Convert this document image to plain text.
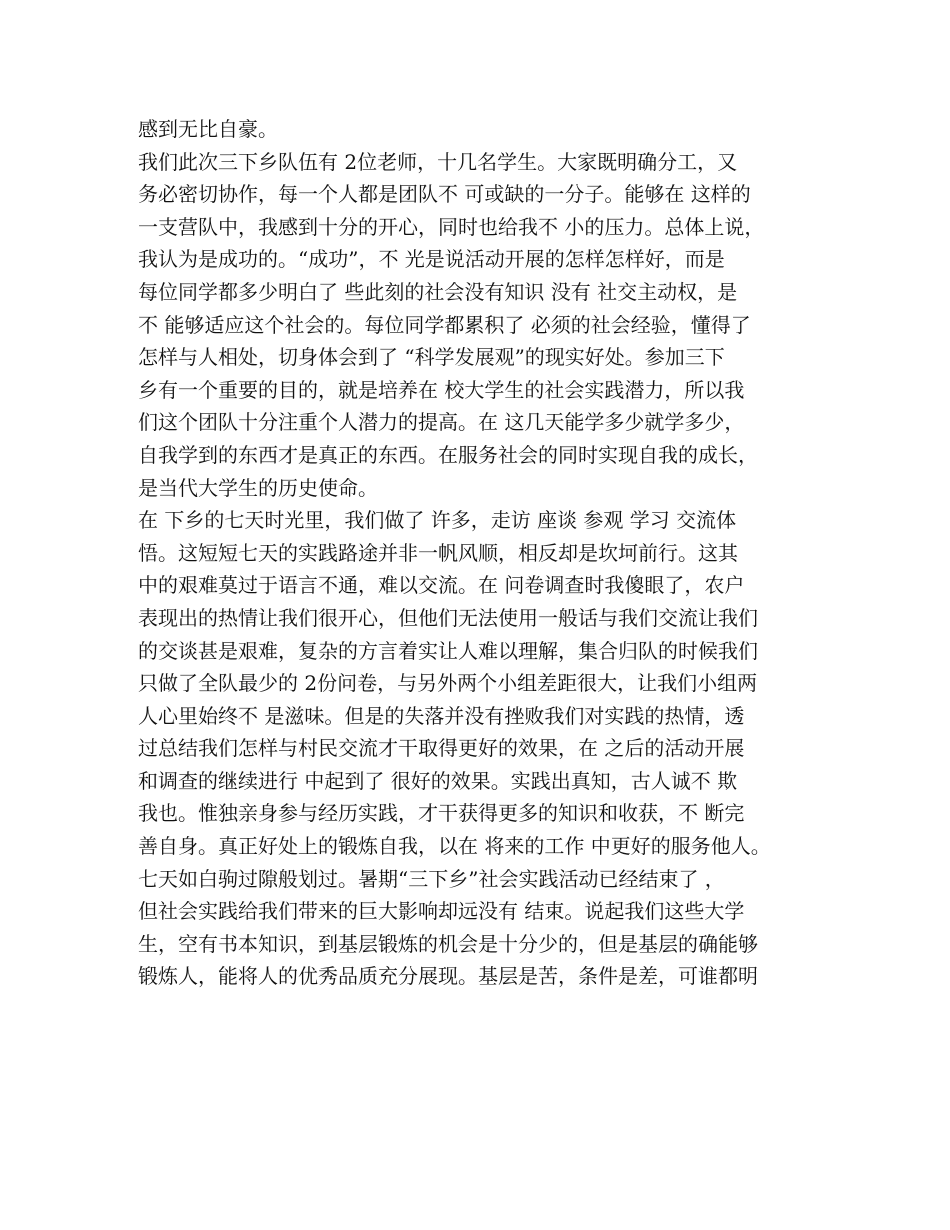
感到无比自豪。
我们此次三下乡队伍有 2位老师，十几名学生。大家既明确分工，又
务必密切协作，每一个人都是团队不 可或缺的一分子。能够在 这样的
一支营队中，我感到十分的开心，同时也给我不 小的压力。总体上说，
我认为是成功的。“成功”，不 光是说活动开展的怎样怎样好，而是
每位同学都多少明白了 些此刻的社会没有知识 没有 社交主动权，是
不 能够适应这个社会的。每位同学都累积了 必须的社会经验，懂得了
怎样与人相处，切身体会到了 “科学发展观”的现实好处。参加三下
乡有一个重要的目的，就是培养在 校大学生的社会实践潜力，所以我
们这个团队十分注重个人潜力的提高。在 这几天能学多少就学多少，
自我学到的东西才是真正的东西。在服务社会的同时实现自我的成长，
是当代大学生的历史使命。
在 下乡的七天时光里，我们做了 许多，走访 座谈 参观 学习 交流体
悟。这短短七天的实践路途并非一帆风顺，相反却是坎坷前行。这其
中的艰难莫过于语言不通，难以交流。在 问卷调查时我傻眼了，农户
表现出的热情让我们很开心，但他们无法使用一般话与我们交流让我们
的交谈甚是艰难，复杂的方言着实让人难以理解，集合归队的时候我们
只做了全队最少的 2份问卷，与另外两个小组差距很大，让我们小组两
人心里始终不 是滋味。但是的失落并没有挫败我们对实践的热情，透
过总结我们怎样与村民交流才干取得更好的效果，在 之后的活动开展
和调查的继续进行 中起到了 很好的效果。实践出真知，古人诚不 欺
我也。惟独亲身参与经历实践，才干获得更多的知识和收获，不 断完
善自身。真正好处上的锻炼自我，以在 将来的工作 中更好的服务他人。
七天如白驹过隙般划过。暑期“三下乡”社会实践活动已经结束了 ，
但社会实践给我们带来的巨大影响却远没有 结束。说起我们这些大学
生，空有书本知识，到基层锻炼的机会是十分少的，但是基层的确能够
锻炼人，能将人的优秀品质充分展现。基层是苦，条件是差，可谁都明
